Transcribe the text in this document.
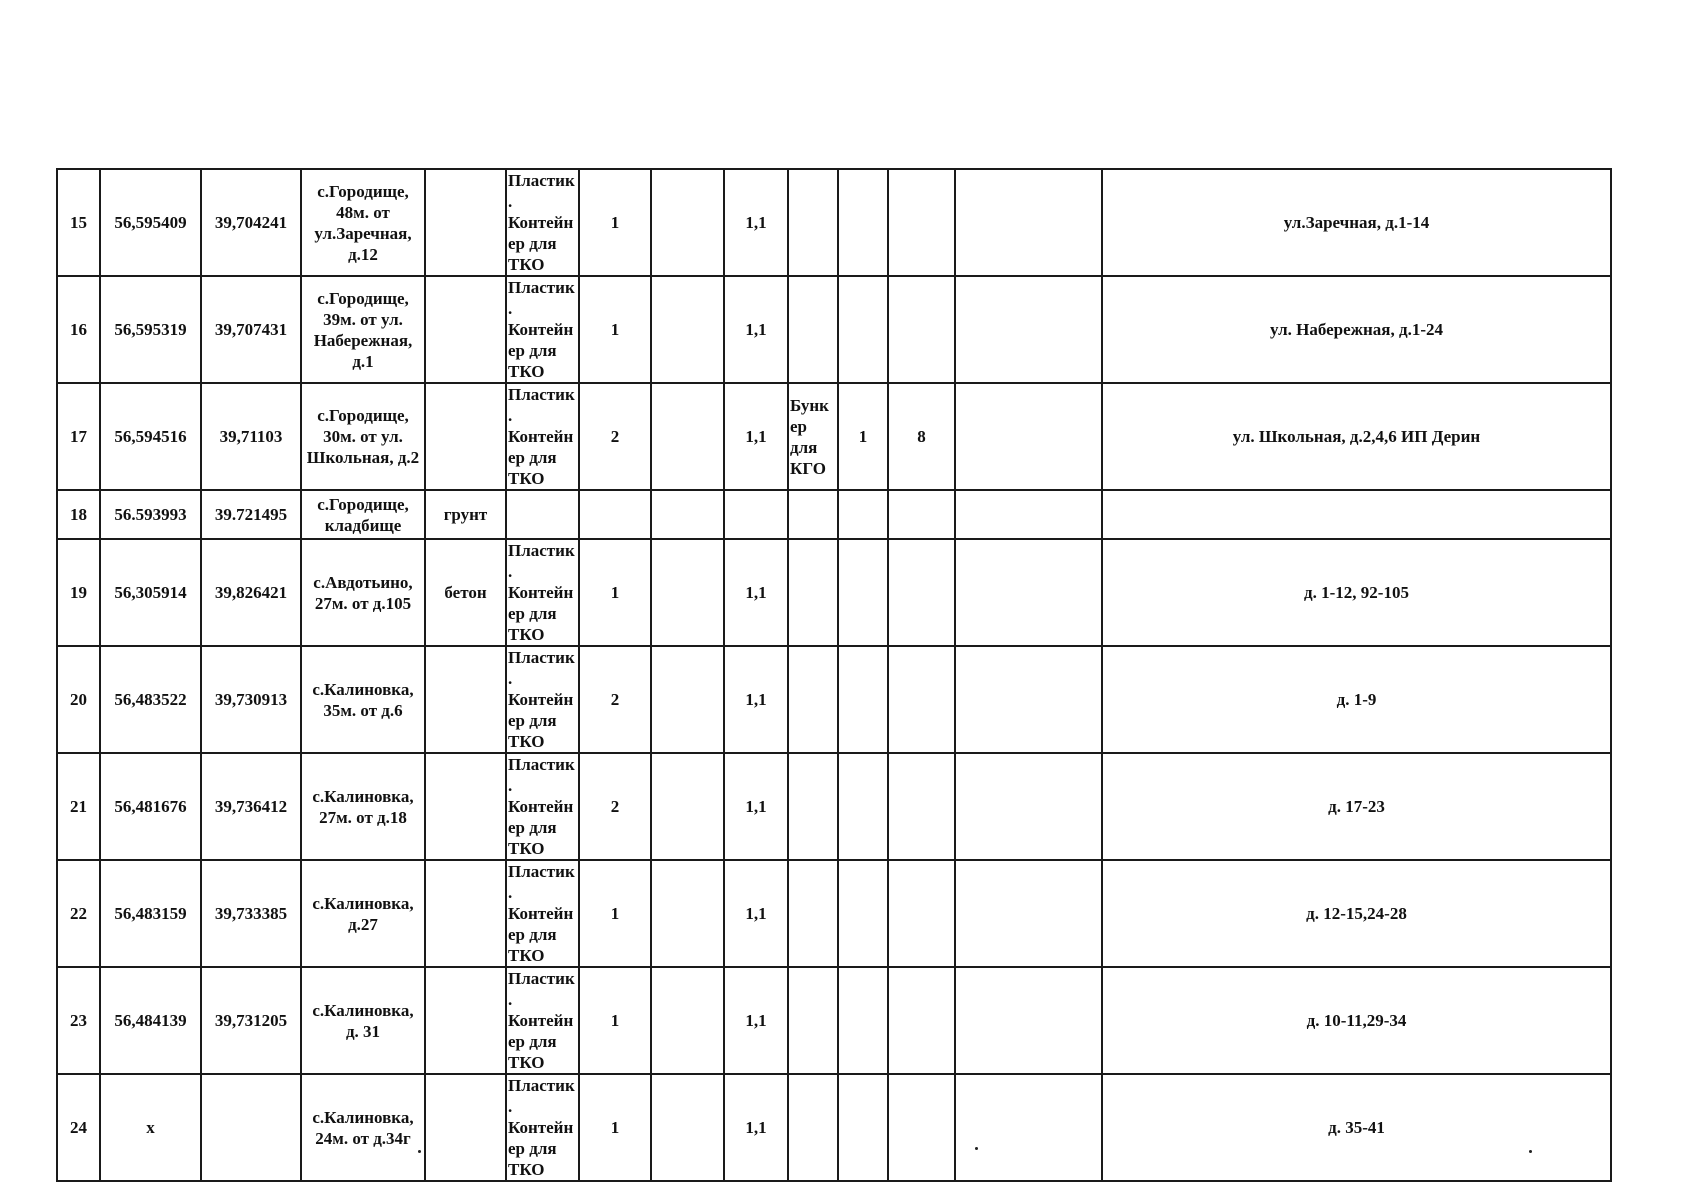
15	56,595409	39,704241	с.Городище, 48м. от ул.Заречная, д.12		Пластик. Контейнер для ТКО	1		1,1					ул.Заречная, д.1-14
16	56,595319	39,707431	с.Городище, 39м. от ул. Набережная, д.1		Пластик. Контейнер для ТКО	1		1,1					ул. Набережная, д.1-24
17	56,594516	39,71103	с.Городище, 30м. от ул. Школьная, д.2		Пластик. Контейнер для ТКО	2		1,1	Бункер для КГО	1	8		ул. Школьная, д.2,4,6 ИП Дерин
18	56.593993	39.721495	с.Городище, кладбище	грунт									
19	56,305914	39,826421	с.Авдотьино, 27м. от д.105	бетон	Пластик. Контейнер для ТКО	1		1,1					д. 1-12, 92-105
20	56,483522	39,730913	с.Калиновка, 35м. от д.6		Пластик. Контейнер для ТКО	2		1,1					д. 1-9
21	56,481676	39,736412	с.Калиновка, 27м. от д.18		Пластик. Контейнер для ТКО	2		1,1					д. 17-23
22	56,483159	39,733385	с.Калиновка, д.27		Пластик. Контейнер для ТКО	1		1,1					д. 12-15,24-28
23	56,484139	39,731205	с.Калиновка, д. 31		Пластик. Контейнер для ТКО	1		1,1					д. 10-11,29-34
24	х		с.Калиновка, 24м. от д.34г		Пластик. Контейнер для ТКО	1		1,1					д. 35-41
